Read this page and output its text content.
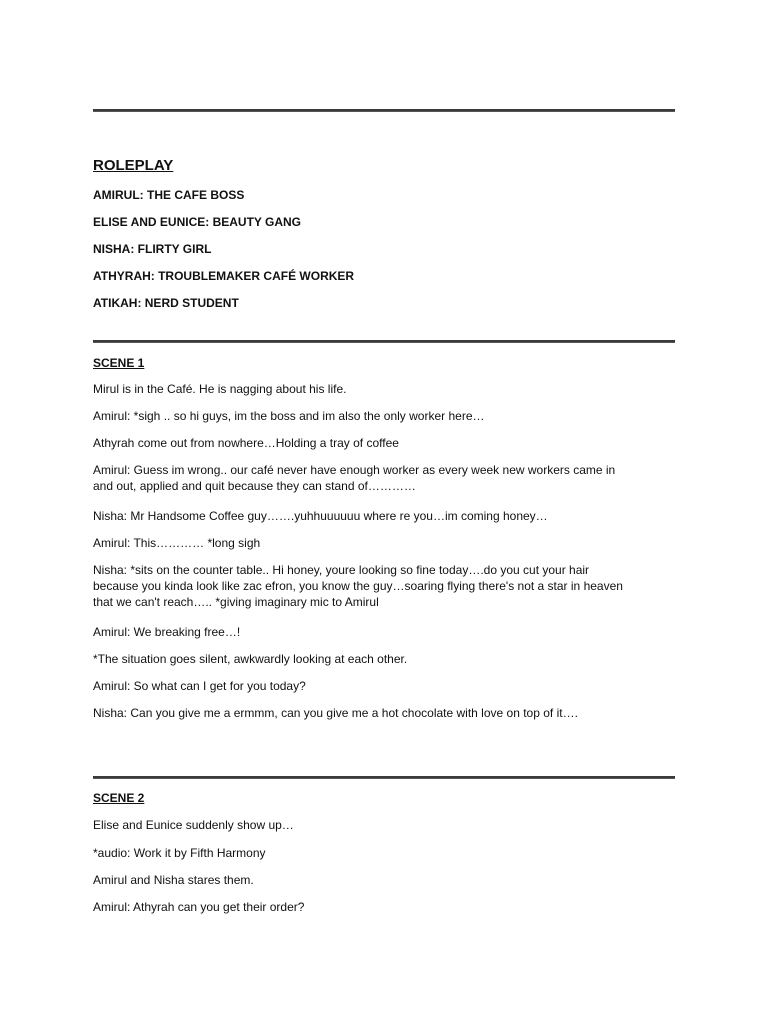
ROLEPLAY
AMIRUL: THE CAFE BOSS
ELISE AND EUNICE: BEAUTY GANG
NISHA: FLIRTY GIRL
ATHYRAH: TROUBLEMAKER CAFÉ WORKER
ATIKAH: NERD STUDENT
SCENE 1
Mirul is in the Café. He is nagging about his life.
Amirul: *sigh .. so hi guys, im the boss and im also the only worker here…
Athyrah come out from nowhere…Holding a tray of coffee
Amirul: Guess im wrong.. our café never have enough worker as every week new workers came in
and out, applied and quit because they can stand of…………
Nisha: Mr Handsome Coffee guy…….yuhhuuuuuu where re you…im coming honey…
Amirul: This………… *long sigh
Nisha: *sits on the counter table.. Hi honey, youre looking so fine today….do you cut your hair
because you kinda look like zac efron, you know the guy…soaring flying there's not a star in heaven
that we can't reach….. *giving imaginary mic to Amirul
Amirul: We breaking free…!
*The situation goes silent, awkwardly looking at each other.
Amirul: So what can I get for you today?
Nisha: Can you give me a ermmm, can you give me a hot chocolate with love on top of it….
SCENE 2
Elise and Eunice suddenly show up…
*audio: Work it by Fifth Harmony
Amirul and Nisha stares them.
Amirul: Athyrah can you get their order?
